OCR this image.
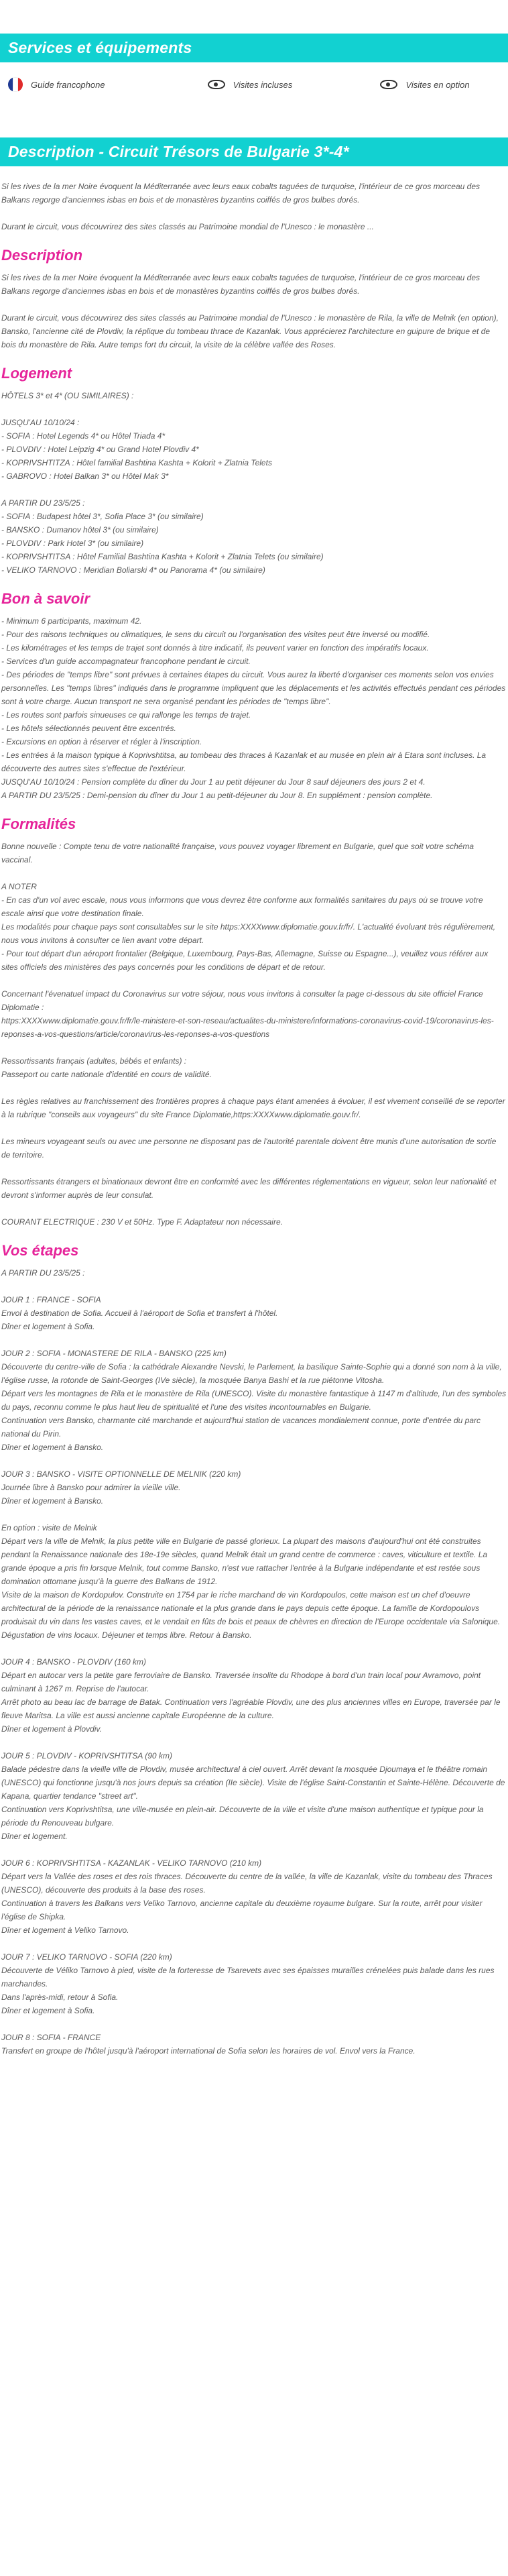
Services et équipements
Guide francophone	Visites incluses	Visites en option
Description - Circuit Trésors de Bulgarie 3*-4*

Si les rives de la mer Noire évoquent la Méditerranée avec leurs eaux cobalts taguées de turquoise, l'intérieur de ce gros morceau des Balkans regorge d'anciennes isbas en bois et de monastères byzantins coiffés de gros bulbes dorés.

Durant le circuit, vous découvrirez des sites classés au Patrimoine mondial de l'Unesco : le monastère ...

Description

Si les rives de la mer Noire évoquent la Méditerranée avec leurs eaux cobalts taguées de turquoise, l'intérieur de ce gros morceau des Balkans regorge d'anciennes isbas en bois et de monastères byzantins coiffés de gros bulbes dorés.

Durant le circuit, vous découvrirez des sites classés au Patrimoine mondial de l'Unesco : le monastère de Rila, la ville de Melnik (en option), Bansko, l'ancienne cité de Plovdiv, la réplique du tombeau thrace de Kazanlak. Vous apprécierez l'architecture en guipure de brique et de bois du monastère de Rila. Autre temps fort du circuit, la visite de la célèbre vallée des Roses.

Logement
HÔTELS 3* et 4* (OU SIMILAIRES) :
JUSQU'AU 10/10/24 :
- SOFIA : Hotel Legends 4* ou Hôtel Triada 4*
- PLOVDIV : Hotel Leipzig 4* ou Grand Hotel Plovdiv 4*
- KOPRIVSHTITZA : Hôtel familial Bashtina Kashta + Kolorit + Zlatnia Telets
- GABROVO : Hotel Balkan 3* ou Hôtel Mak 3*
A PARTIR DU 23/5/25 :
- SOFIA : Budapest hôtel 3*, Sofia Place 3* (ou similaire)
- BANSKO : Dumanov hôtel 3* (ou similaire)
- PLOVDIV : Park Hotel 3* (ou similaire)
- KOPRIVSHTITSA : Hôtel Familial Bashtina Kashta + Kolorit + Zlatnia Telets (ou similaire)
- VELIKO TARNOVO : Meridian Boliarski 4* ou Panorama 4* (ou similaire)
Bon à savoir
- Minimum 6 participants, maximum 42.
- Pour des raisons techniques ou climatiques, le sens du circuit ou l'organisation des visites peut être inversé ou modifié.
- Les kilométrages et les temps de trajet sont donnés à titre indicatif, ils peuvent varier en fonction des impératifs locaux.
- Services d'un guide accompagnateur francophone pendant le circuit.
- Des périodes de "temps libre" sont prévues à certaines étapes du circuit. Vous aurez la liberté d'organiser ces moments selon vos envies personnelles. Les "temps libres" indiqués dans le programme impliquent que les déplacements et les activités effectués pendant ces périodes sont à votre charge. Aucun transport ne sera organisé pendant les périodes de "temps libre".
- Les routes sont parfois sinueuses ce qui rallonge les temps de trajet.
- Les hôtels sélectionnés peuvent être excentrés.
- Excursions en option à réserver et régler à l'inscription.
- Les entrées à la maison typique à Koprivshtitsa, au tombeau des thraces à Kazanlak et au musée en plein air à Etara sont incluses. La découverte des autres sites s'effectue de l'extérieur.
JUSQU'AU 10/10/24 : Pension complète du dîner du Jour 1 au petit déjeuner du Jour 8 sauf déjeuners des jours 2 et 4.
A PARTIR DU 23/5/25 : Demi-pension du dîner du Jour 1 au petit-déjeuner du Jour 8. En supplément : pension complète.
Formalités
Bonne nouvelle : Compte tenu de votre nationalité française, vous pouvez voyager librement en Bulgarie, quel que soit votre schéma vaccinal.
A NOTER
- En cas d'un vol avec escale, nous vous informons que vous devrez être conforme aux formalités sanitaires du pays où se trouve votre escale ainsi que votre destination finale.
Les modalités pour chaque pays sont consultables sur le site https:XXXXwww.diplomatie.gouv.fr/fr/. L'actualité évoluant très régulièrement, nous vous invitons à consulter ce lien avant votre départ.
- Pour tout départ d'un aéroport frontalier (Belgique, Luxembourg, Pays-Bas, Allemagne, Suisse ou Espagne...), veuillez vous référer aux sites officiels des ministères des pays concernés pour les conditions de départ et de retour.
Concernant l'évenatuel impact du Coronavirus sur votre séjour, nous vous invitons à consulter la page ci-dessous du site officiel France Diplomatie :
https:XXXXwww.diplomatie.gouv.fr/fr/le-ministere-et-son-reseau/actualites-du-ministere/informations-coronavirus-covid-19/coronavirus-les-reponses-a-vos-questions/article/coronavirus-les-reponses-a-vos-questions
Ressortissants français (adultes, bébés et enfants) :
Passeport ou carte nationale d'identité en cours de validité.
Les règles relatives au franchissement des frontières propres à chaque pays étant amenées à évoluer, il est vivement conseillé de se reporter à la rubrique "conseils aux voyageurs" du site France Diplomatie,https:XXXXwww.diplomatie.gouv.fr/.
Les mineurs voyageant seuls ou avec une personne ne disposant pas de l'autorité parentale doivent être munis d'une autorisation de sortie de territoire.
Ressortissants étrangers et binationaux devront être en conformité avec les différentes réglementations en vigueur, selon leur nationalité et devront s'informer auprès de leur consulat.
COURANT ELECTRIQUE : 230 V et 50Hz. Type F. Adaptateur non nécessaire.
Vos étapes
A PARTIR DU 23/5/25 :
JOUR 1 : FRANCE - SOFIA
Envol à destination de Sofia. Accueil à l'aéroport de Sofia et transfert à l'hôtel.
Dîner et logement à Sofia.
JOUR 2 : SOFIA - MONASTERE DE RILA - BANSKO (225 km)
Découverte du centre-ville de Sofia : la cathédrale Alexandre Nevski, le Parlement, la basilique Sainte-Sophie qui a donné son nom à la ville, l'église russe, la rotonde de Saint-Georges (IVe siècle), la mosquée Banya Bashi et la rue piétonne Vitosha.
Départ vers les montagnes de Rila et le monastère de Rila (UNESCO). Visite du monastère fantastique à 1147 m d'altitude, l'un des symboles du pays, reconnu comme le plus haut lieu de spiritualité et l'une des visites incontournables en Bulgarie.
Continuation vers Bansko, charmante cité marchande et aujourd'hui station de vacances mondialement connue, porte d'entrée du parc national du Pirin.
Dîner et logement à Bansko.
JOUR 3 : BANSKO - VISITE OPTIONNELLE DE MELNIK (220 km)
Journée libre à Bansko pour admirer la vieille ville.
Dîner et logement à Bansko.
En option : visite de Melnik
Départ vers la ville de Melnik, la plus petite ville en Bulgarie de passé glorieux. La plupart des maisons d'aujourd'hui ont été construites pendant la Renaissance nationale des 18e-19e siècles, quand Melnik était un grand centre de commerce : caves, viticulture et textile. La grande époque a pris fin lorsque Melnik, tout comme Bansko, n'est vue rattacher l'entrée à la Bulgarie indépendante et est restée sous domination ottomane jusqu'à la guerre des Balkans de 1912.
Visite de la maison de Kordopulov. Construite en 1754 par le riche marchand de vin Kordopoulos, cette maison est un chef d'oeuvre architectural de la période de la renaissance nationale et la plus grande dans le pays depuis cette époque. La famille de Kordopoulovs produisait du vin dans les vastes caves, et le vendait en fûts de bois et peaux de chèvres en direction de l'Europe occidentale via Salonique.
Dégustation de vins locaux. Déjeuner et temps libre. Retour à Bansko.
JOUR 4 : BANSKO - PLOVDIV (160 km)
Départ en autocar vers la petite gare ferroviaire de Bansko. Traversée insolite du Rhodope à bord d'un train local pour Avramovo, point culminant à 1267 m. Reprise de l'autocar.
Arrêt photo au beau lac de barrage de Batak. Continuation vers l'agréable Plovdiv, une des plus anciennes villes en Europe, traversée par le fleuve Maritsa. La ville est aussi ancienne capitale Européenne de la culture.
Dîner et logement à Plovdiv.
JOUR 5 : PLOVDIV - KOPRIVSHTITSA (90 km)
Balade pédestre dans la vieille ville de Plovdiv, musée architectural à ciel ouvert. Arrêt devant la mosquée Djoumaya et le théâtre romain (UNESCO) qui fonctionne jusqu'à nos jours depuis sa création (IIe siècle). Visite de l'église Saint-Constantin et Sainte-Hélène. Découverte de Kapana, quartier tendance "street art".
Continuation vers Koprivshtitsa, une ville-musée en plein-air. Découverte de la ville et visite d'une maison authentique et typique pour la période du Renouveau bulgare.
Dîner et logement.
JOUR 6 : KOPRIVSHTITSA - KAZANLAK - VELIKO TARNOVO (210 km)
Départ vers la Vallée des roses et des rois thraces. Découverte du centre de la vallée, la ville de Kazanlak, visite du tombeau des Thraces (UNESCO), découverte des produits à la base des roses.
Continuation à travers les Balkans vers Veliko Tarnovo, ancienne capitale du deuxième royaume bulgare. Sur la route, arrêt pour visiter l'église de Shipka.
Dîner et logement à Veliko Tarnovo.
JOUR 7 : VELIKO TARNOVO - SOFIA (220 km)
Découverte de Véliko Tarnovo à pied, visite de la forteresse de Tsarevets avec ses épaisses murailles crénelées puis balade dans les rues marchandes.
Dans l'après-midi, retour à Sofia.
Dîner et logement à Sofia.
JOUR 8 : SOFIA - FRANCE
Transfert en groupe de l'hôtel jusqu'à l'aéroport international de Sofia selon les horaires de vol. Envol vers la France.
